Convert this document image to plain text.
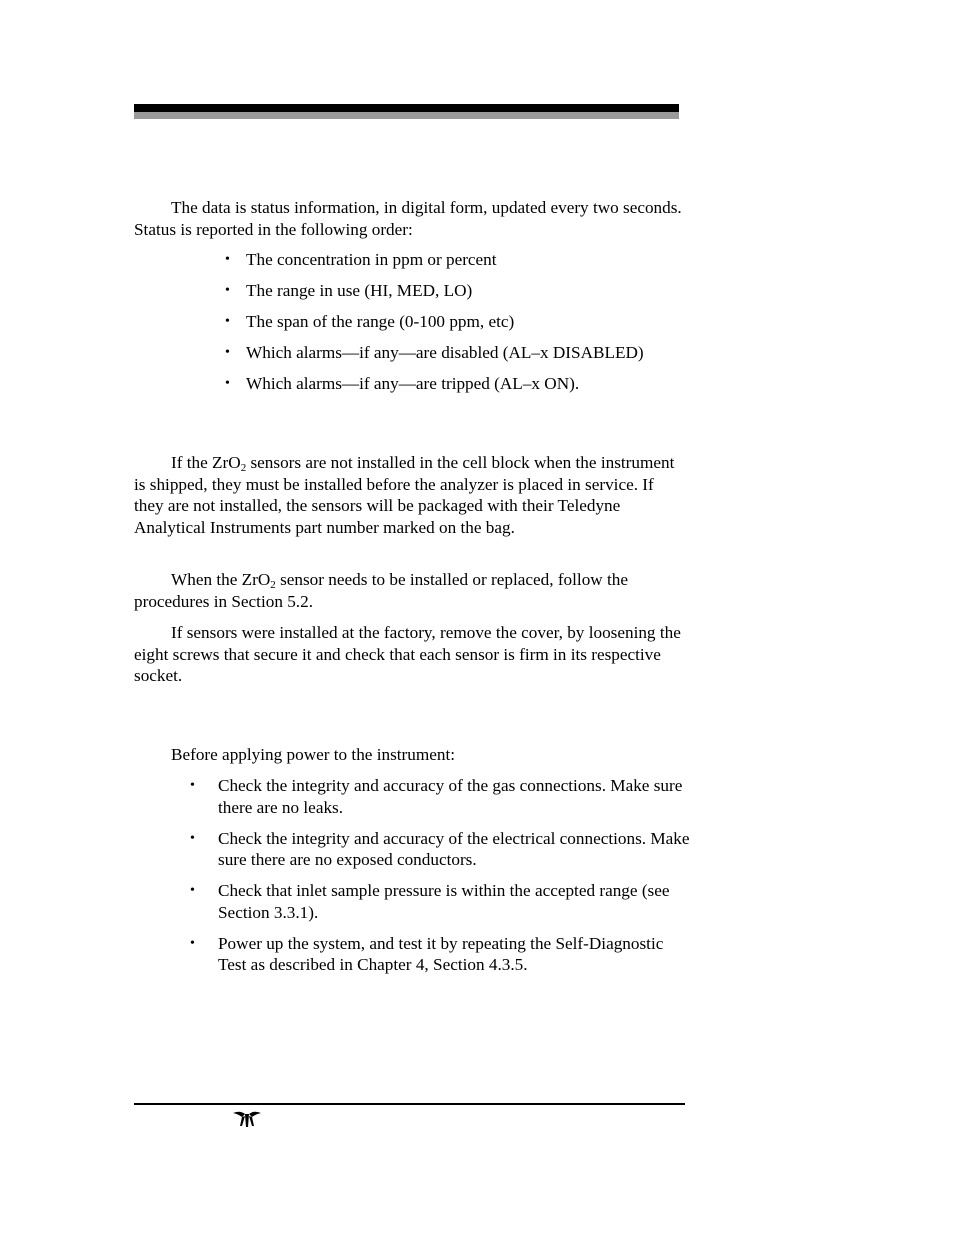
The data is status information, in digital form, updated every two seconds. Status is reported in the following order:

• The concentration in ppm or percent
• The range in use (HI, MED, LO)
• The span of the range (0-100 ppm, etc)
• Which alarms—if any—are disabled (AL–x DISABLED)
• Which alarms—if any—are tripped (AL–x ON).

If the ZrO$_2$ sensors are not installed in the cell block when the instrument is shipped, they must be installed before the analyzer is placed in service. If they are not installed, the sensors will be packaged with their Teledyne Analytical Instruments part number marked on the bag.

When the ZrO$_2$ sensor needs to be installed or replaced, follow the procedures in Section 5.2.

If sensors were installed at the factory, remove the cover, by loosening the eight screws that secure it and check that each sensor is firm in its respective socket.

Before applying power to the instrument:

• Check the integrity and accuracy of the gas connections. Make sure there are no leaks.
• Check the integrity and accuracy of the electrical connections. Make sure there are no exposed conductors.
• Check that inlet sample pressure is within the accepted range (see Section 3.3.1).
• Power up the system, and test it by repeating the Self-Diagnostic Test as described in Chapter 4, Section 4.3.5.
